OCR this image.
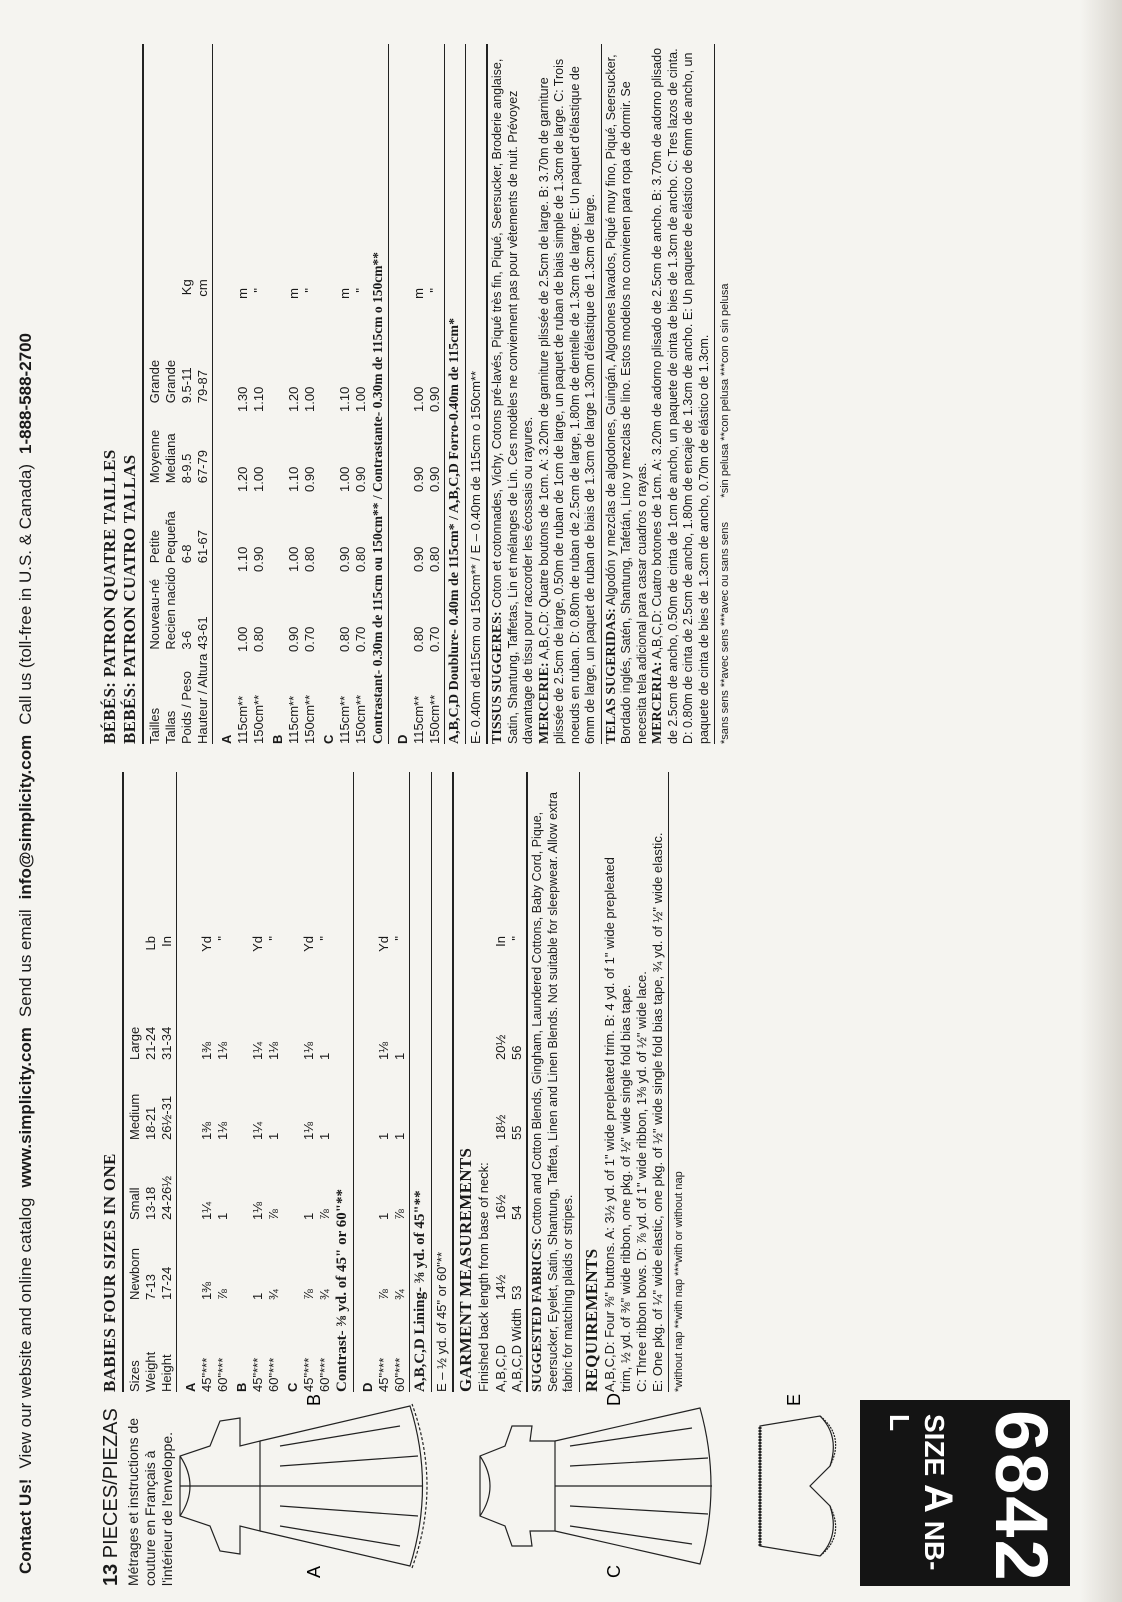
Contact Us!
View our website and online catalog
www.simplicity.com
Send us email
info@simplicity.com
Call us (toll-free in U.S. & Canada)
1-888-588-2700
13 PIECES/PIEZAS Métrages et instructions de couture en Français à l'intérieur de l'enveloppe.	A
B
C
D	E
6842
SIZE A NB-L
BABIES FOUR SIZES IN ONE Sizes	Newborn	Small	Medium	Large	
Weight	7-13	13-18	18-21	21-24	Lb
Height	17-24	24-26½	26½-31	31-34	In
A					
45"***	1⅜	1¼	1⅜	1⅜	Yd
60"***	⅞	1	1⅛	1⅛	"
B					
45"***	1	1⅛	1¼	1¼	Yd
60"***	¾	⅞	1	1⅛	"
C					
45"***	⅞	1	1⅛	1⅛	Yd
60"***	¾	⅞	1	1	"
Contrast- ⅜ yd. of 45" or 60"** D					
45"***	⅞	1	1	1⅛	Yd
60"***	¾	⅞	1	1	"
A,B,C,D Lining- ⅜ yd. of 45"** E – ½ yd. of 45" or 60"** GARMENT MEASUREMENTS Finished back length from base of neck: A,B,C,D	14½	16½	18½	20½	In
A,B,C,D Width	53	54	55	56	"
SUGGESTED FABRICS: Cotton and Cotton Blends, Gingham, Laundered Cottons, Baby Cord, Pique, Seersucker, Eyelet, Satin, Shantung, Taffeta, Linen and Linen Blends. Not suitable for sleepwear. Allow extra fabric for matching plaids or stripes. REQUIREMENTS A,B,C,D: Four ⅜" buttons. A: 3½ yd. of 1" wide prepleated trim. B: 4 yd. of 1" wide prepleated trim, ½ yd. of ⅜" wide ribbon, one pkg. of ½" wide single fold bias tape. C: Three ribbon bows. D: ⅞ yd. of 1" wide ribbon, 1⅜ yd. of ½" wide lace. E: One pkg. of ¼" wide elastic, one pkg. of ½" wide single fold bias tape, ¾ yd. of ½" wide elastic. *without nap **with nap ***with or without nap
BÉBÉS: PATRON QUATRE TAILLES BEBÉS: PATRON CUATRO TALLAS Tailles	Nouveau-né	Petite	Moyenne	Grande	
Tallas	Recien nacido	Pequeña	Mediana	Grande	
Poids / Peso	3-6	6-8	8-9.5	9.5-11	Kg
Hauteur / Altura	43-61	61-67	67-79	79-87	cm
A					
115cm**	1.00	1.10	1.20	1.30	m
150cm**	0.80	0.90	1.00	1.10	"
B					
115cm**	0.90	1.00	1.10	1.20	m
150cm**	0.70	0.80	0.90	1.00	"
C					
115cm**	0.80	0.90	1.00	1.10	m
150cm**	0.70	0.80	0.90	1.00	" Contrastant- 0.30m de 115cm ou 150cm** / Contrastante- 0.30m de 115cm o 150cm** D					
115cm**	0.80	0.90	0.90	1.00	m
150cm**	0.70	0.80	0.90	0.90	"
A,B,C,D Doublure- 0.40m de 115cm* / A,B,C,D Forro-0.40m de 115cm* E- 0.40m de115cm ou 150cm** / E – 0.40m de 115cm o 150cm** TISSUS SUGGERES: Coton et cotonnades, Vichy, Cotons pré-lavés, Piqué très fin, Piqué, Seersucker, Broderie anglaise, Satin, Shantung, Taffetas, Lin et mélanges de Lin. Ces modèles ne conviennent pas pour vêtements de nuit. Prévoyez davantage de tissu pour raccorder les écossais ou rayures. MERCERIE: A,B,C,D: Quatre boutons de 1cm. A: 3.20m de garniture plissée de 2.5cm de large. B: 3.70m de garniture plissée de 2.5cm de large, 0.50m de ruban de 1cm de large, un paquet de ruban de biais simple de 1.3cm de large. C: Trois noeuds en ruban. D: 0.80m de ruban de 2.5cm de large, 1.80m de dentelle de 1.3cm de large. E: Un paquet d'élastique de 6mm de large, un paquet de ruban de biais de 1.3cm de large 1.30m d'élastique de 1.3cm de large. TELAS SUGERIDAS: Algodón y mezclas de algodones, Guingán, Algodones lavados, Piqué muy fino, Piqué, Seersucker, Bordado inglés, Satén, Shantung, Tafetán, Lino y mezclas de lino. Estos modelos no convienen para ropa de dormir. Se necesita tela adicional para casar cuadros o rayas. MERCERIA: A,B,C,D: Cuatro botones de 1cm. A: 3.20m de adorno plisado de 2.5cm de ancho. B: 3.70m de adorno plisado de 2.5cm de ancho, 0.50m de cinta de 1cm de ancho, un paquete de cinta de bies de 1.3cm de ancho. C: Tres lazos de cinta. D: 0.80m de cinta de 2.5cm de ancho, 1.80m de encaje de 1.3cm de ancho. E: Un paquete de elástico de 6mm de ancho, un paquete de cinta de bies de 1.3cm de ancho, 0.70m de elástico de 1.3cm. *sans sens **avec sens ***avec ou sans sens        *sin pelusa **con pelusa ***con o sin pelusa
